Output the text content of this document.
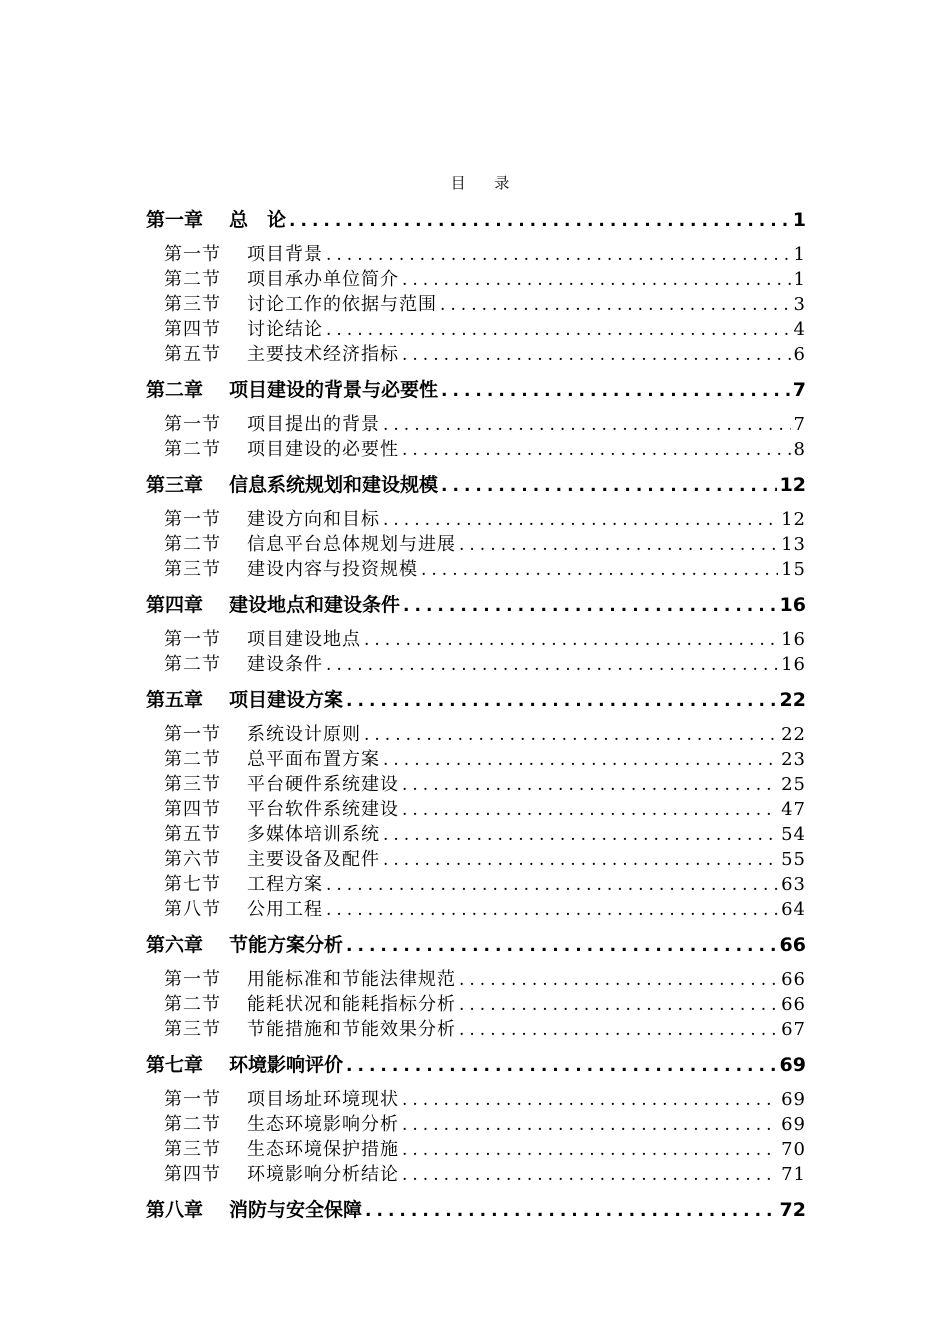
目 录
第一章 总　论 .....	1
第一节 项目背景 .....	1
第二节 项目承办单位简介 .....	1
第三节 讨论工作的依据与范围 .....	3
第四节 讨论结论 .....	4
第五节 主要技术经济指标 .....	6
第二章 项目建设的背景与必要性 .....	7
第一节 项目提出的背景 .....	7
第二节 项目建设的必要性 .....	8
第三章 信息系统规划和建设规模 .....	12
第一节 建设方向和目标 .....	12
第二节 信息平台总体规划与进展 .....	13
第三节 建设内容与投资规模 .....	15
第四章 建设地点和建设条件 .....	16
第一节 项目建设地点 .....	16
第二节 建设条件 .....	16
第五章 项目建设方案 .....	22
第一节 系统设计原则 .....	22
第二节 总平面布置方案 .....	23
第三节 平台硬件系统建设 .....	25
第四节 平台软件系统建设 .....	47
第五节 多媒体培训系统 .....	54
第六节 主要设备及配件 .....	55
第七节 工程方案 .....	63
第八节 公用工程 .....	64
第六章 节能方案分析 .....	66
第一节 用能标准和节能法律规范 .....	66
第二节 能耗状况和能耗指标分析 .....	66
第三节 节能措施和节能效果分析 .....	67
第七章 环境影响评价 .....	69
第一节 项目场址环境现状 .....	69
第二节 生态环境影响分析 .....	69
第三节 生态环境保护措施 .....	70
第四节 环境影响分析结论 .....	71
第八章 消防与安全保障 .....	72
